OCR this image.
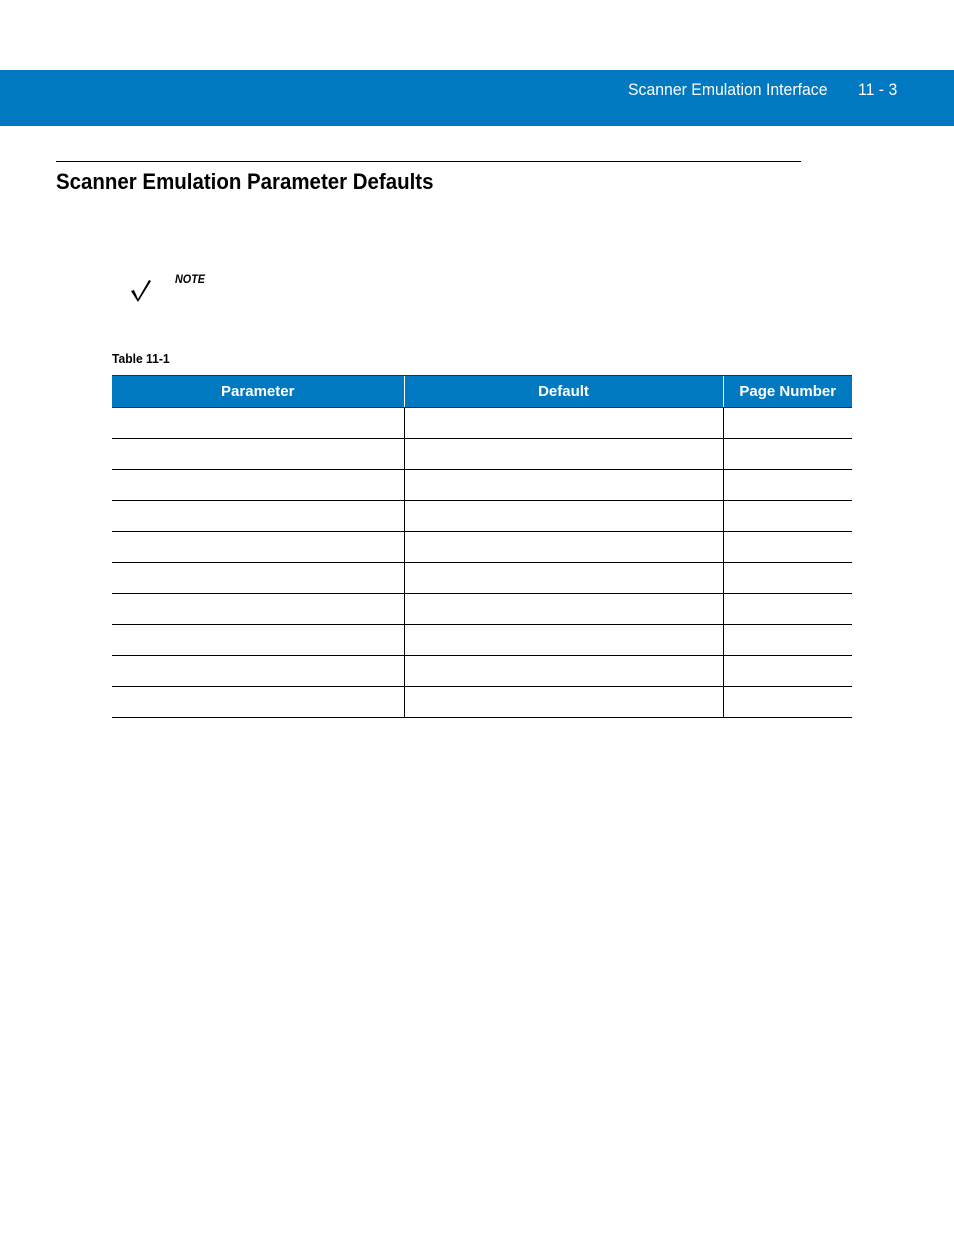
Scanner Emulation Interface 11 - 3
Scanner Emulation Parameter Defaults
NOTE
Table 11-1
Parameter	Default	Page Number
